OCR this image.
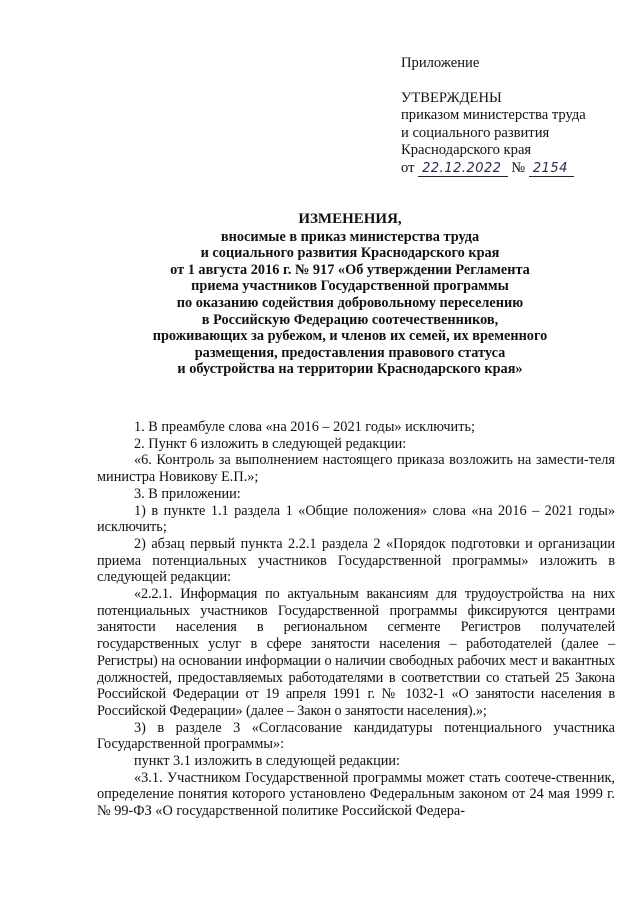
Приложение
УТВЕРЖДЕНЫ
приказом министерства труда
и социального развития
Краснодарского края
от 22.12.2022 № 2154
ИЗМЕНЕНИЯ,
вносимые в приказ министерства труда
и социального развития Краснодарского края
от 1 августа 2016 г. № 917 «Об утверждении Регламента
приема участников Государственной программы
по оказанию содействия добровольному переселению
в Российскую Федерацию соотечественников,
проживающих за рубежом, и членов их семей, их временного
размещения, предоставления правового статуса
и обустройства на территории Краснодарского края»

1. В преамбуле слова «на 2016 – 2021 годы» исключить;

2. Пункт 6 изложить в следующей редакции:

«6. Контроль за выполнением настоящего приказа возложить на замести-теля министра Новикову Е.П.»;

3. В приложении:

1) в пункте 1.1 раздела 1 «Общие положения» слова «на 2016 – 2021 годы» исключить;

2) абзац первый пункта 2.2.1 раздела 2 «Порядок подготовки и организации приема потенциальных участников Государственной программы» изложить в следующей редакции:

«2.2.1. Информация по актуальным вакансиям для трудоустройства на них потенциальных участников Государственной программы фиксируются центрами занятости населения в региональном сегменте Регистров получателей государственных услуг в сфере занятости населения – работодателей (далее – Регистры) на основании информации о наличии свободных рабочих мест и вакантных должностей, предоставляемых работодателями в соответствии со статьей 25 Закона Российской Федерации от 19 апреля 1991 г. № 1032-1 «О занятости населения в Российской Федерации» (далее – Закон о занятости населения).»;

3) в разделе 3 «Согласование кандидатуры потенциального участника Государственной программы»:

пункт 3.1 изложить в следующей редакции:

«3.1. Участником Государственной программы может стать соотече-ственник, определение понятия которого установлено Федеральным законом от 24 мая 1999 г. № 99-ФЗ «О государственной политике Российской Федера-
